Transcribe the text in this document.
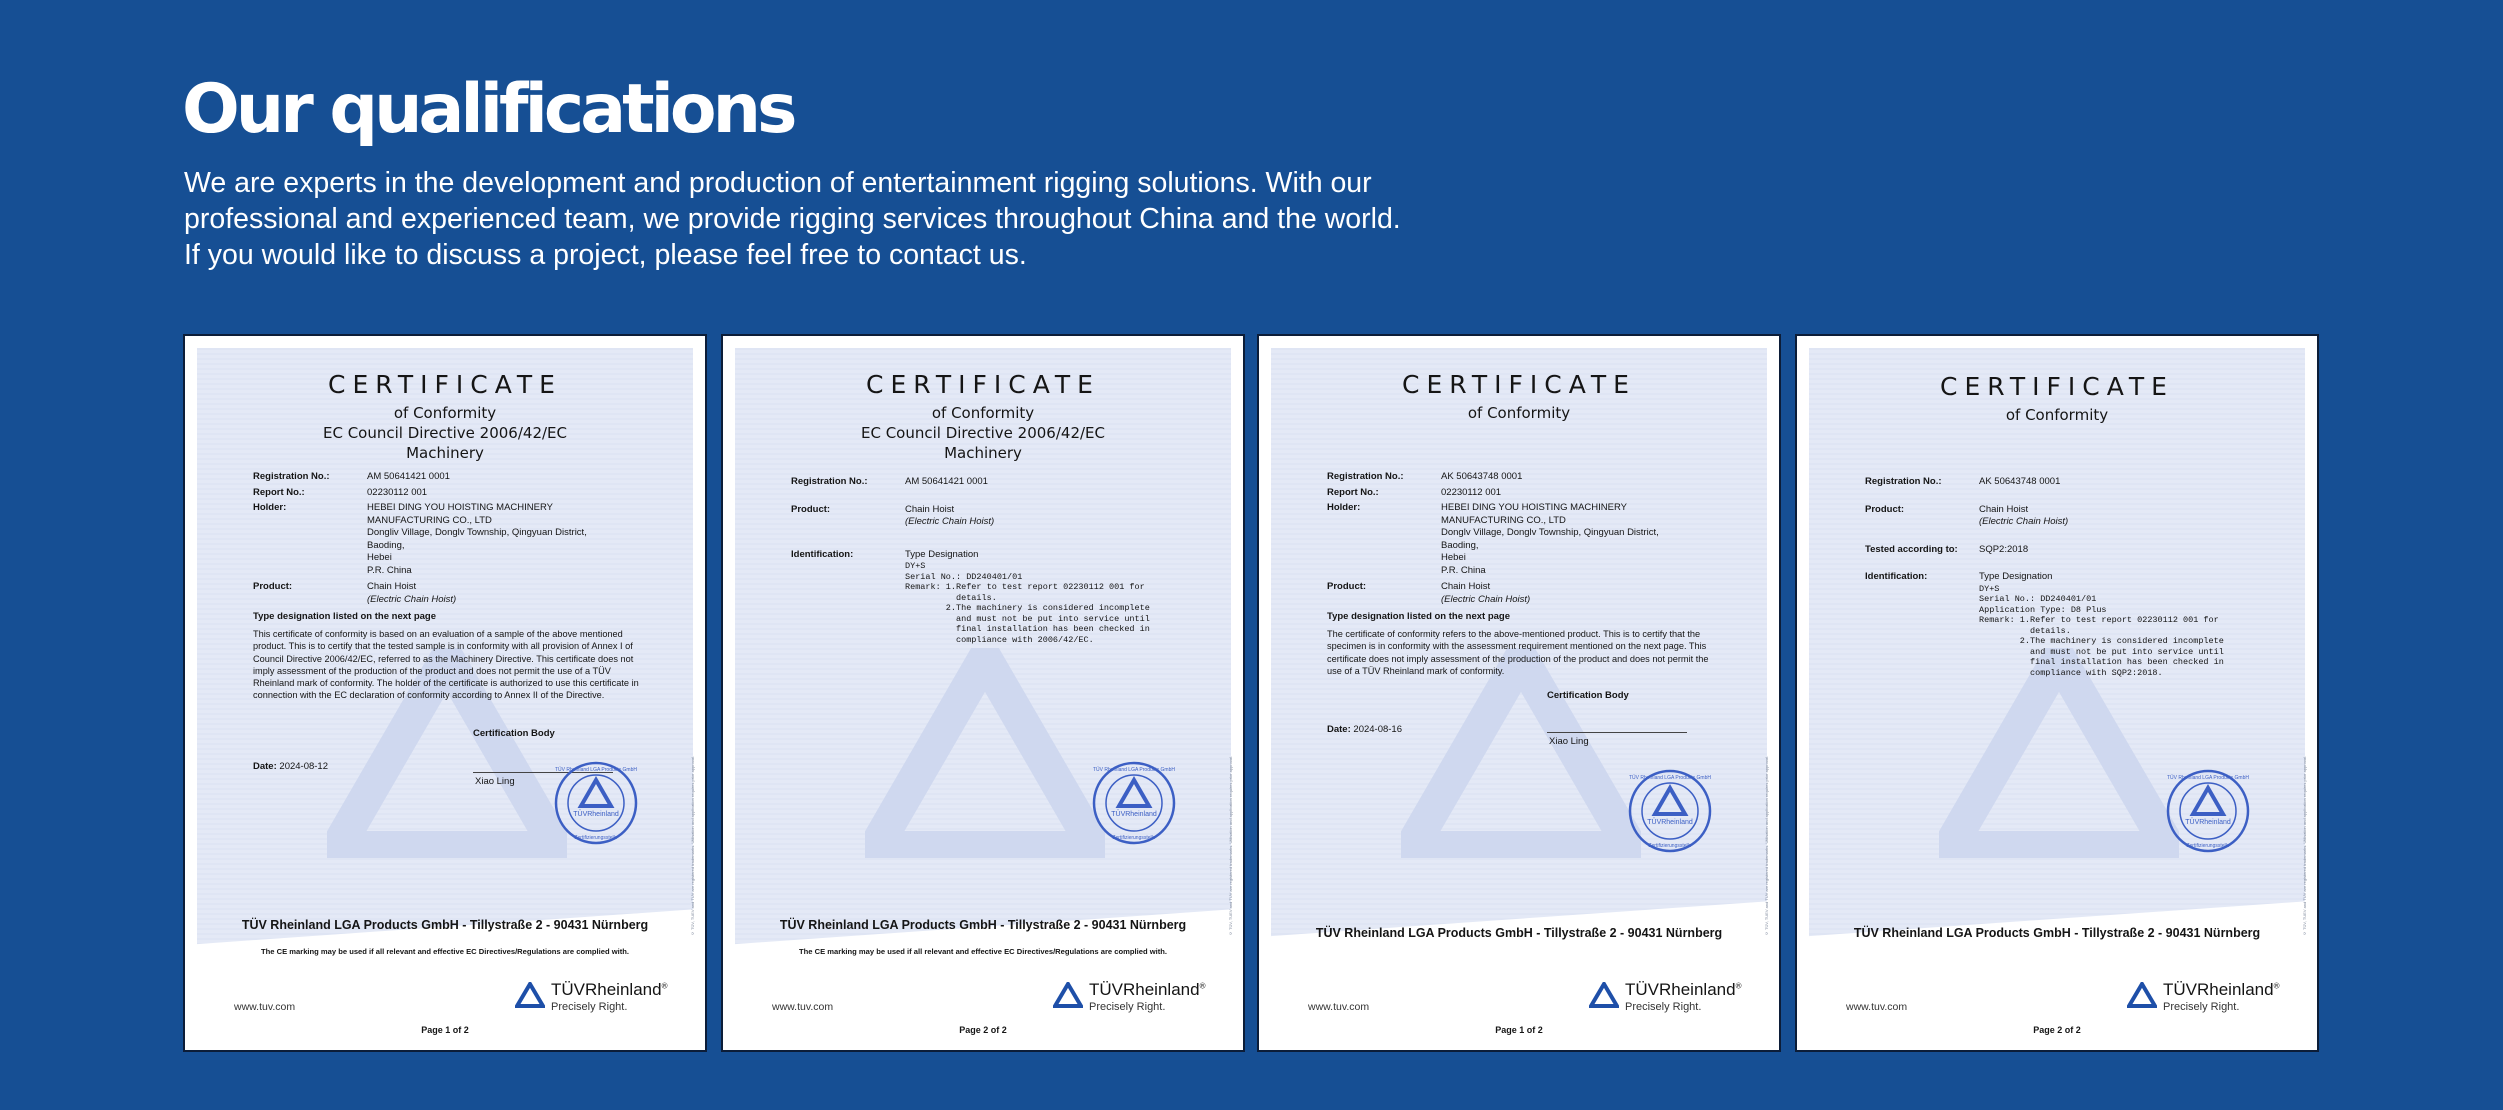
Our qualifications

We are experts in the development and production of entertainment rigging solutions. With our

professional and experienced team, we provide rigging services throughout China and the world.

If you would like to discuss a project, please feel free to contact us.

CERTIFICATE
of Conformity
EC Council Directive 2006/42/EC
Machinery
Registration No.:	AM 50641421 0001
Report No.:	02230112 001
Holder:	HEBEI DING YOU HOISTING MACHINERY
MANUFACTURING CO., LTD
Dongliv Village, Donglv Township, Qingyuan District,
Baoding,
Hebei
P.R. China
Product:	Chain Hoist
(Electric Chain Hoist)
Type designation listed on the next page
This certificate of conformity is based on an evaluation of a sample of the above mentioned product. This is to certify that the tested sample is in conformity with all provision of Annex I of Council Directive 2006/42/EC, referred to as the Machinery Directive. This certificate does not imply assessment of the production of the product and does not permit the use of a TÜV Rheinland mark of conformity. The holder of the certificate is authorized to use this certificate in connection with the EC declaration of conformity according to Annex II of the Directive.
Certification Body
Date: 2024-08-12
Xiao Ling
TÜVRheinland
TÜV Rheinland LGA Products GmbH
Zertifizierungsstelle	© TÜV, TUEV and TUV are registered trademarks. Utilisation and application requires prior approval.
TÜV Rheinland LGA Products GmbH - Tillystraße 2 - 90431 Nürnberg
The CE marking may be used if all relevant and effective EC Directives/Regulations are complied with.
www.tuv.com
TÜVRheinland®
Precisely Right.
Page 1 of 2
CERTIFICATE
of Conformity
EC Council Directive 2006/42/EC
Machinery
Registration No.:	AM 50641421 0001
Product:	Chain Hoist
(Electric Chain Hoist)
Identification:	Type Designation
DY+S
Serial No.: DD240401/01
Remark: 1.Refer to test report 02230112 001 for
details.
2.The machinery is considered incomplete
and must not be put into service until
final installation has been checked in
compliance with 2006/42/EC.
TÜVRheinland
TÜV Rheinland LGA Products GmbH
Zertifizierungsstelle	© TÜV, TUEV and TUV are registered trademarks. Utilisation and application requires prior approval.
TÜV Rheinland LGA Products GmbH - Tillystraße 2 - 90431 Nürnberg
The CE marking may be used if all relevant and effective EC Directives/Regulations are complied with.
www.tuv.com
TÜVRheinland®
Precisely Right.
Page 2 of 2
CERTIFICATE
of Conformity
Registration No.:	AK 50643748 0001
Report No.:	02230112 001
Holder:	HEBEI DING YOU HOISTING MACHINERY
MANUFACTURING CO., LTD
Donglv Village, Donglv Township, Qingyuan District,
Baoding,
Hebei
P.R. China
Product:	Chain Hoist
(Electric Chain Hoist)
Type designation listed on the next page
The certificate of conformity refers to the above-mentioned product. This is to certify that the specimen is in conformity with the assessment requirement mentioned on the next page. This certificate does not imply assessment of the production of the product and does not permit the use of a TÜV Rheinland mark of conformity.
Certification Body
Date: 2024-08-16
Xiao Ling
TÜVRheinland
TÜV Rheinland LGA Products GmbH
Zertifizierungsstelle	© TÜV, TUEV and TUV are registered trademarks. Utilisation and application requires prior approval.
TÜV Rheinland LGA Products GmbH - Tillystraße 2 - 90431 Nürnberg
www.tuv.com
TÜVRheinland®
Precisely Right.
Page 1 of 2
CERTIFICATE
of Conformity
Registration No.:	AK 50643748 0001
Product:	Chain Hoist
(Electric Chain Hoist)
Tested according to:	SQP2:2018
Identification:	Type Designation
DY+S
Serial No.: DD240401/01
Application Type: D8 Plus
Remark: 1.Refer to test report 02230112 001 for
details.
2.The machinery is considered incomplete
and must not be put into service until
final installation has been checked in
compliance with SQP2:2018.
TÜVRheinland
TÜV Rheinland LGA Products GmbH
Zertifizierungsstelle	© TÜV, TUEV and TUV are registered trademarks. Utilisation and application requires prior approval.
TÜV Rheinland LGA Products GmbH - Tillystraße 2 - 90431 Nürnberg
www.tuv.com
TÜVRheinland®
Precisely Right.
Page 2 of 2
